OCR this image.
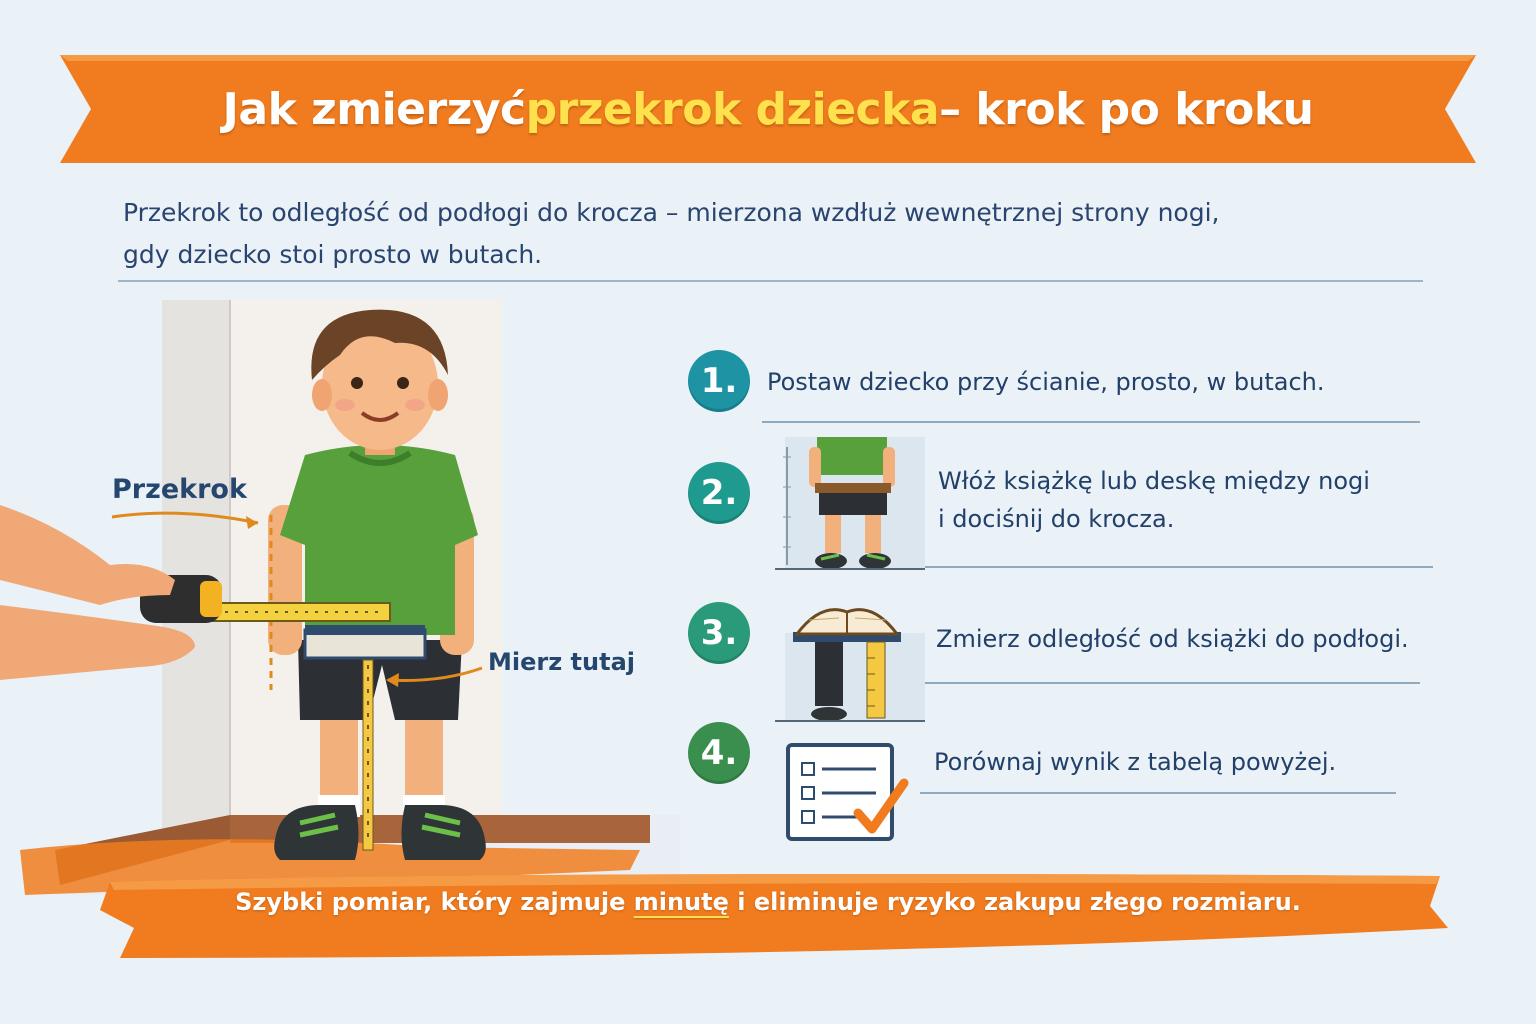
Jak zmierzyć przekrok dziecka – krok po kroku
Przekrok to odległość od podłogi do krocza – mierzona wzdłuż wewnętrznej strony nogi,
gdy dziecko stoi prosto w butach.
Przekrok
Mierz tutaj
1. Postaw dziecko przy ścianie, prosto, w butach.
2.	Włóż książkę lub deskę między nogi
i dociśnij do krocza.
3.	Zmierz odległość od książki do podłogi.
4.	Porównaj wynik z tabelą powyżej.
Szybki pomiar, który zajmuje minutę i eliminuje ryzyko zakupu złego rozmiaru.
